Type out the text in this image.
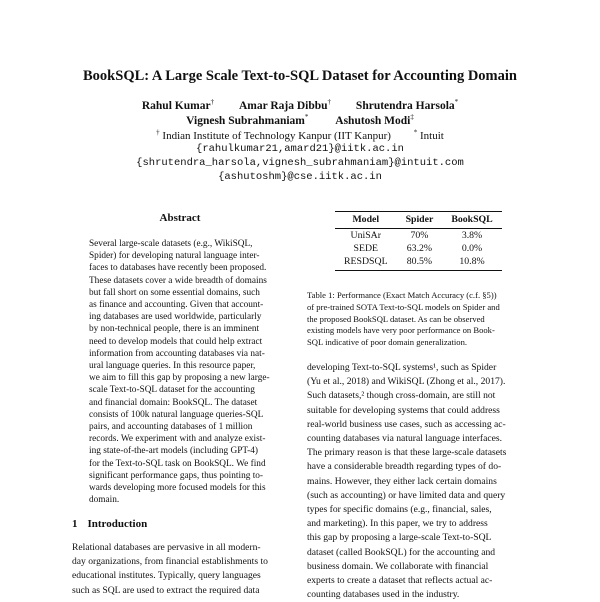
BookSQL: A Large Scale Text-to-SQL Dataset for Accounting Domain
Rahul Kumar† Amar Raja Dibbu† Shrutendra Harsola*
Vignesh Subrahmaniam* Ashutosh Modi‡
† Indian Institute of Technology Kanpur (IIT Kanpur)	* Intuit
{rahulkumar21,amard21}@iitk.ac.in
{shrutendra_harsola,vignesh_subrahmaniam}@intuit.com
{ashutoshm}@cse.iitk.ac.in
Abstract
Several large-scale datasets (e.g., WikiSQL,
Spider) for developing natural language inter-
faces to databases have recently been proposed.
These datasets cover a wide breadth of domains
but fall short on some essential domains, such
as finance and accounting. Given that account-
ing databases are used worldwide, particularly
by non-technical people, there is an imminent
need to develop models that could help extract
information from accounting databases via nat-
ural language queries. In this resource paper,
we aim to fill this gap by proposing a new large-
scale Text-to-SQL dataset for the accounting
and financial domain: BookSQL. The dataset
consists of 100k natural language queries-SQL
pairs, and accounting databases of 1 million
records. We experiment with and analyze exist-
ing state-of-the-art models (including GPT-4)
for the Text-to-SQL task on BookSQL. We find
significant performance gaps, thus pointing to-
wards developing more focused models for this
domain.
1 Introduction
Relational databases are pervasive in all modern-
day organizations, from financial establishments to
educational institutes. Typically, query languages
such as SQL are used to extract the required data
Model	Spider	BookSQL
UniSAr	70%	3.8%
SEDE	63.2%	0.0%
RESDSQL	80.5%	10.8%
Table 1: Performance (Exact Match Accuracy (c.f. §5))
of pre-trained SOTA Text-to-SQL models on Spider and
the proposed BookSQL dataset. As can be observed
existing models have very poor performance on Book-
SQL indicative of poor domain generalization.
developing Text-to-SQL systems¹, such as Spider
(Yu et al., 2018) and WikiSQL (Zhong et al., 2017).
Such datasets,² though cross-domain, are still not
suitable for developing systems that could address
real-world business use cases, such as accessing ac-
counting databases via natural language interfaces.
The primary reason is that these large-scale datasets
have a considerable breadth regarding types of do-
mains. However, they either lack certain domains
(such as accounting) or have limited data and query
types for specific domains (e.g., financial, sales,
and marketing). In this paper, we try to address
this gap by proposing a large-scale Text-to-SQL
dataset (called BookSQL) for the accounting and
business domain. We collaborate with financial
experts to create a dataset that reflects actual ac-
counting databases used in the industry.
